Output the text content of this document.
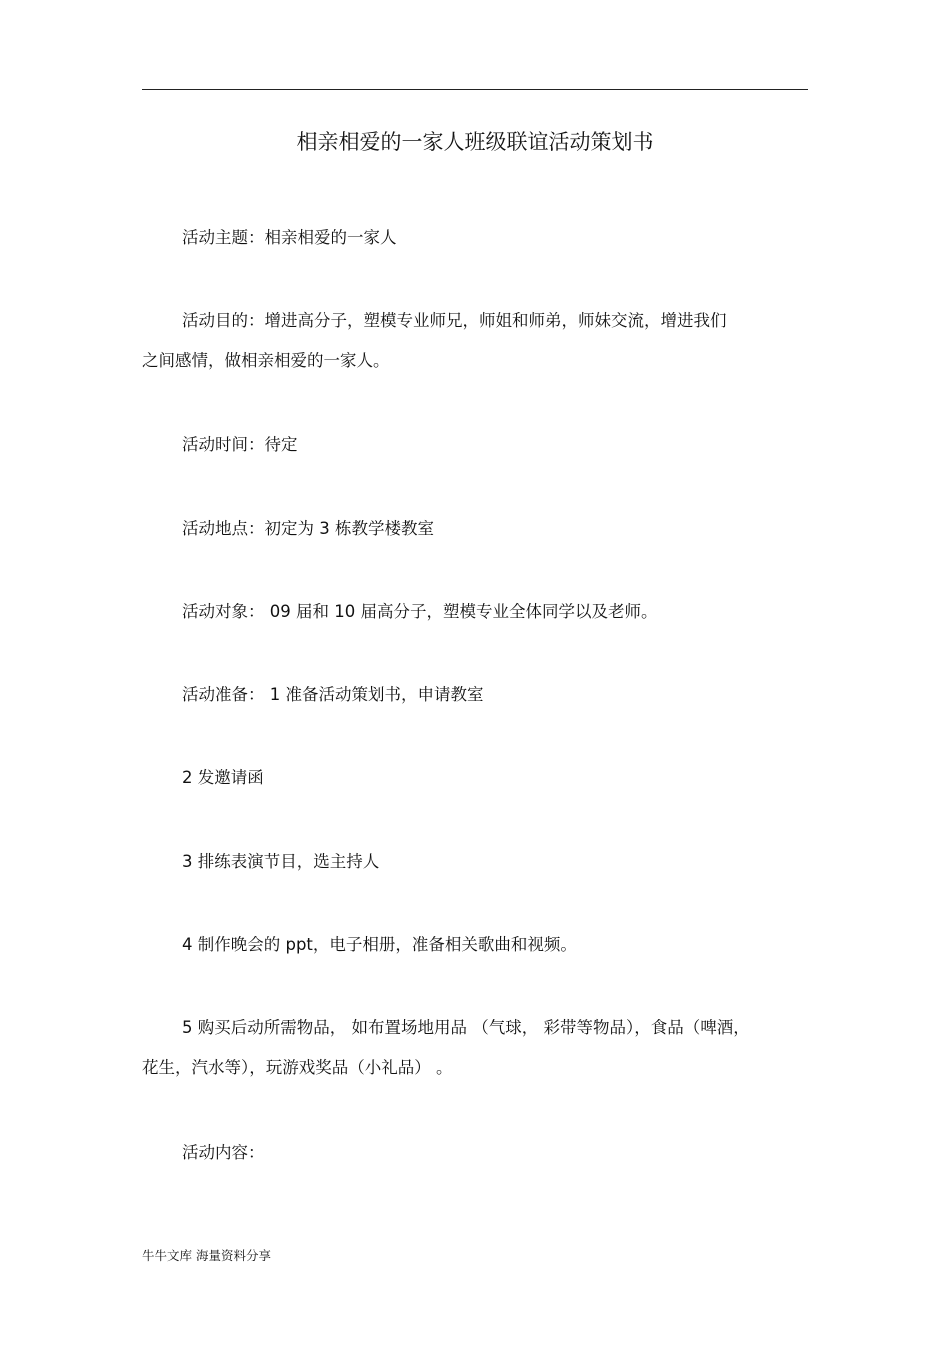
相亲相爱的一家人班级联谊活动策划书
活动主题：相亲相爱的一家人
活动目的：增进高分子，塑模专业师兄，师姐和师弟，师妹交流，增进我们
之间感情，做相亲相爱的一家人。
活动时间：待定
活动地点：初定为 3 栋教学楼教室
活动对象： 09 届和 10 届高分子，塑模专业全体同学以及老师。
活动准备： 1 准备活动策划书，申请教室
2 发邀请函
3 排练表演节目，选主持人
4 制作晚会的 ppt，电子相册，准备相关歌曲和视频。
5 购买后动所需物品， 如布置场地用品 （气球， 彩带等物品），食品（啤酒，
花生，汽水等），玩游戏奖品（小礼品） 。
活动内容：
牛牛文库 海量资料分享
